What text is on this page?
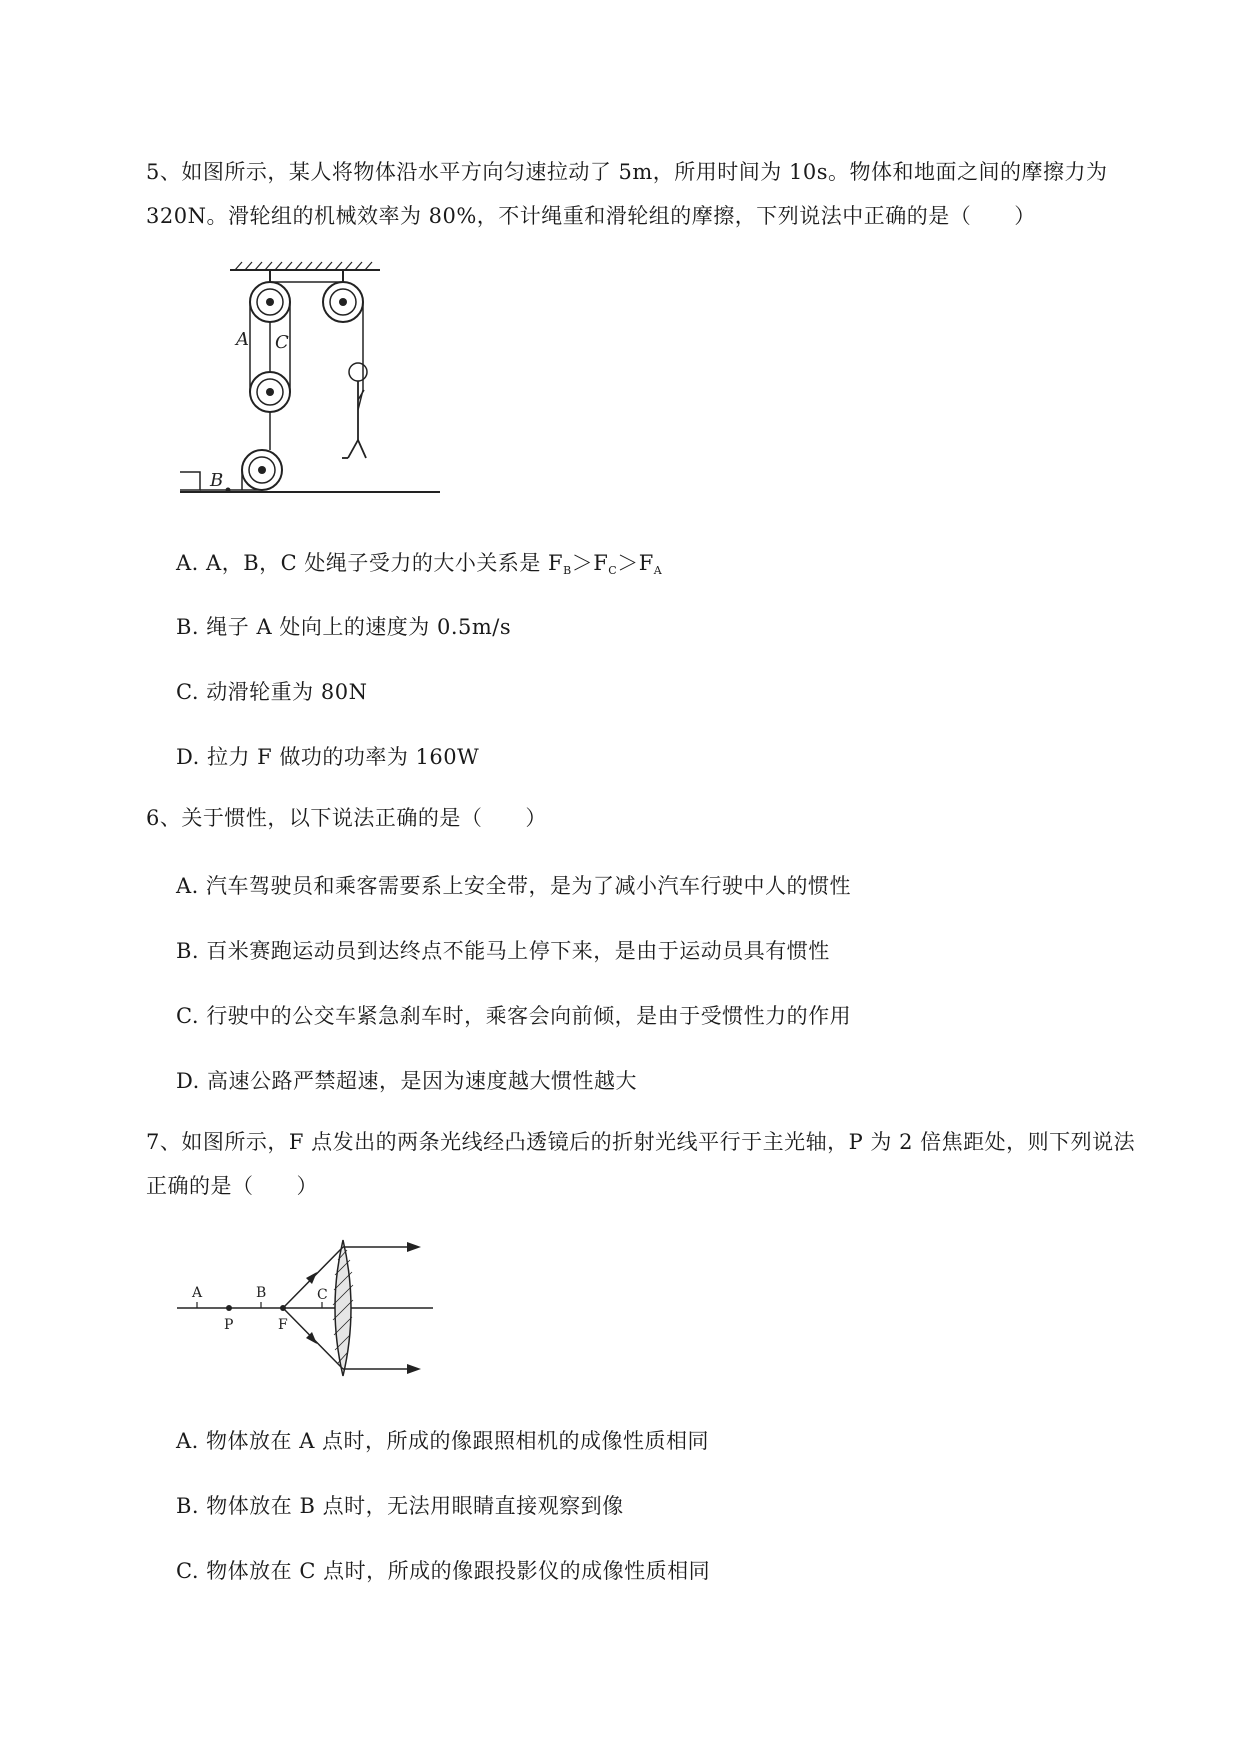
5、如图所示，某人将物体沿水平方向匀速拉动了 5m，所用时间为 10s。物体和地面之间的摩擦力为 320N。滑轮组的机械效率为 80%，不计绳重和滑轮组的摩擦，下列说法中正确的是（　　）
A C
B
A. A，B，C 处绳子受力的大小关系是 $F_B>F_C>F_A$
B. 绳子 A 处向上的速度为 0.5m/s
C. 动滑轮重为 80N
D. 拉力 F 做功的功率为 160W
6、关于惯性，以下说法正确的是（　　）
A. 汽车驾驶员和乘客需要系上安全带，是为了减小汽车行驶中人的惯性
B. 百米赛跑运动员到达终点不能马上停下来，是由于运动员具有惯性
C. 行驶中的公交车紧急刹车时，乘客会向前倾，是由于受惯性力的作用
D. 高速公路严禁超速，是因为速度越大惯性越大
7、如图所示，F 点发出的两条光线经凸透镜后的折射光线平行于主光轴，P 为 2 倍焦距处，则下列说法正确的是（　　）
A
P
B
F
C
A. 物体放在 A 点时，所成的像跟照相机的成像性质相同
B. 物体放在 B 点时，无法用眼睛直接观察到像
C. 物体放在 C 点时，所成的像跟投影仪的成像性质相同
